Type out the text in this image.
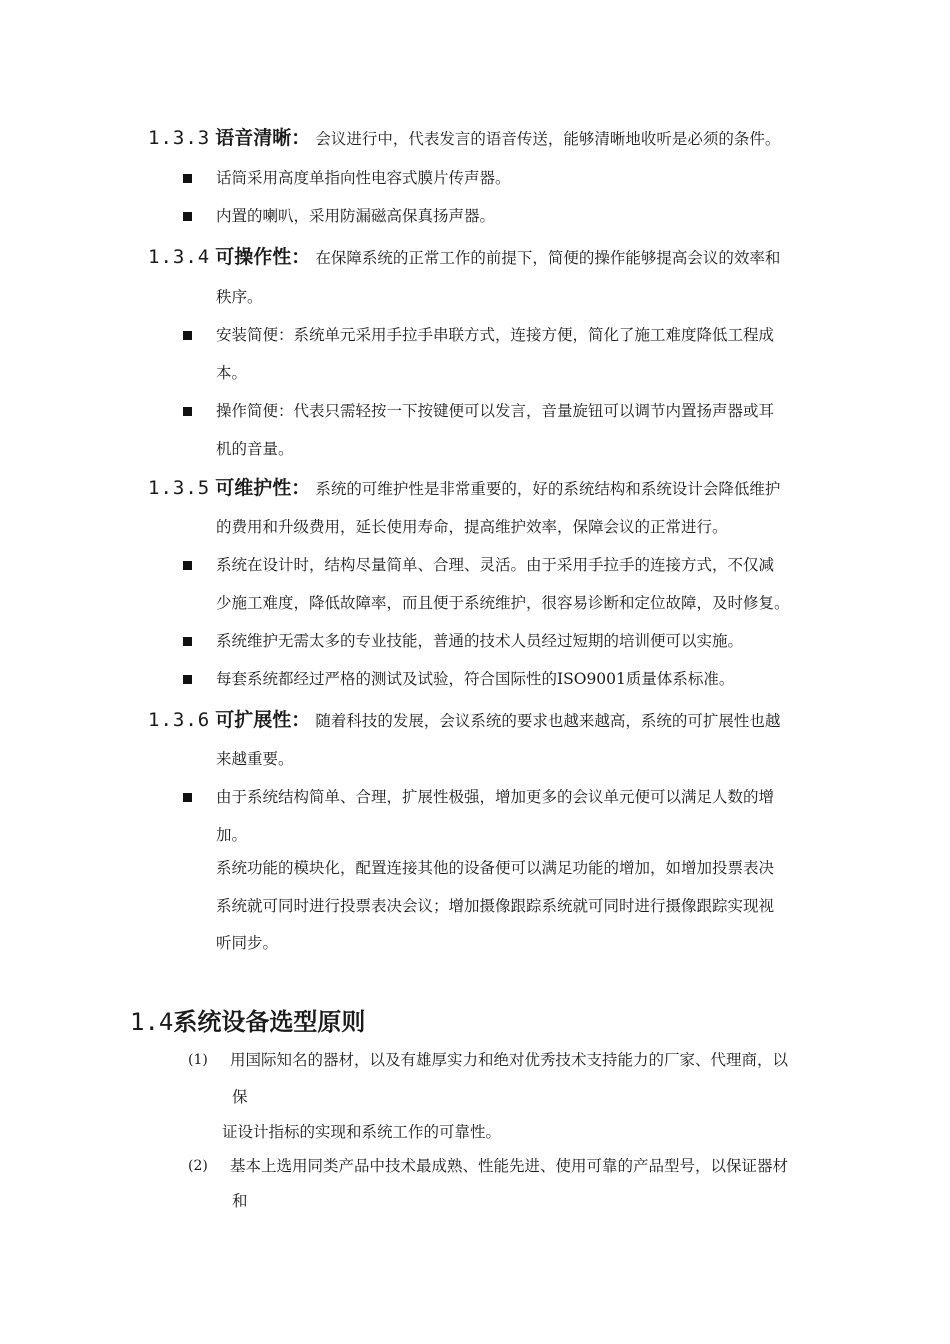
1.3.3 语音清晰： 会议进行中，代表发言的语音传送，能够清晰地收听是必须的条件。
话筒采用高度单指向性电容式膜片传声器。
内置的喇叭，采用防漏磁高保真扬声器。
1.3.4 可操作性： 在保障系统的正常工作的前提下，简便的操作能够提高会议的效率和
秩序。
安装简便：系统单元采用手拉手串联方式，连接方便，简化了施工难度降低工程成
本。
操作简便：代表只需轻按一下按键便可以发言，音量旋钮可以调节内置扬声器或耳
机的音量。
1.3.5 可维护性： 系统的可维护性是非常重要的，好的系统结构和系统设计会降低维护
的费用和升级费用，延长使用寿命，提高维护效率，保障会议的正常进行。
系统在设计时，结构尽量简单、合理、灵活。由于采用手拉手的连接方式，不仅减
少施工难度，降低故障率，而且便于系统维护，很容易诊断和定位故障，及时修复。
系统维护无需太多的专业技能，普通的技术人员经过短期的培训便可以实施。
每套系统都经过严格的测试及试验，符合国际性的ISO9001质量体系标准。
1.3.6 可扩展性： 随着科技的发展，会议系统的要求也越来越高，系统的可扩展性也越
来越重要。
由于系统结构简单、合理，扩展性极强，增加更多的会议单元便可以满足人数的增
加。
系统功能的模块化，配置连接其他的设备便可以满足功能的增加，如增加投票表决
系统就可同时进行投票表决会议；增加摄像跟踪系统就可同时进行摄像跟踪实现视
听同步。
1.4系统设备选型原则
(1) 用国际知名的器材，以及有雄厚实力和绝对优秀技术支持能力的厂家、代理商，以
保
证设计指标的实现和系统工作的可靠性。
(2) 基本上选用同类产品中技术最成熟、性能先进、使用可靠的产品型号，以保证器材
和
